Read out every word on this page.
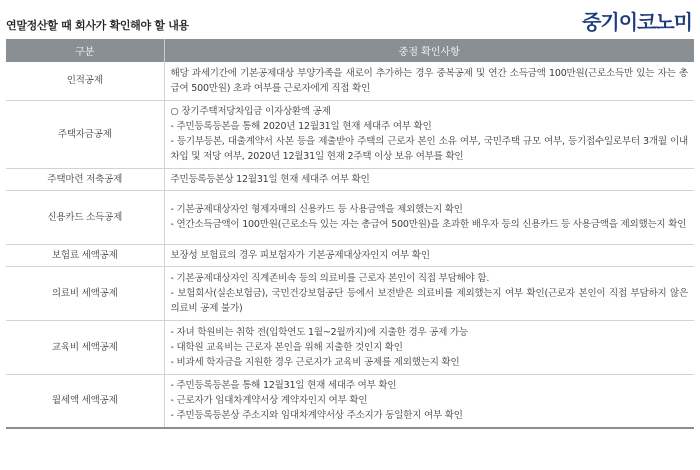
연말정산할 때 회사가 확인해야 할 내용	중기이코노미
구분	중점 확인사항
인적공제	해당 과세기간에 기본공제대상 부양가족을 새로이 추가하는 경우 중복공제 및 연간 소득금액 100만원(근로소득만 있는 자는 총급여 500만원) 초과 여부를 근로자에게 직접 확인

주택자금공제	○ 장기주택저당차입금 이자상환액 공제
- 주민등록등본을 통해 2020년 12월31일 현재 세대주 여부 확인
- 등기부등본, 대출계약서 사본 등을 제출받아 주택의 근로자 본인 소유 여부, 국민주택 규모 여부, 등기접수일로부터 3개월 이내 차입 및 저당 여부, 2020년 12월31일 현재 2주택 이상 보유 여부를 확인

주택마련 저축공제	주민등록등본상 12월31일 현재 세대주 여부 확인

신용카드 소득공제	- 기본공제대상자인 형제자매의 신용카드 등 사용금액을 제외했는지 확인
- 연간소득금액이 100만원(근로소득 있는 자는 총급여 500만원)을 초과한 배우자 등의 신용카드 등 사용금액을 제외했는지 확인

보험료 세액공제	보장성 보험료의 경우 피보험자가 기본공제대상자인지 여부 확인

의료비 세액공제	- 기본공제대상자인 직계존비속 등의 의료비를 근로자 본인이 직접 부담해야 함.
- 보험회사(실손보험금), 국민건강보험공단 등에서 보전받은 의료비를 제외했는지 여부 확인(근로자 본인이 직접 부담하지 않은 의료비 공제 불가)

교육비 세액공제	- 자녀 학원비는 취학 전(입학연도 1월~2월까지)에 지출한 경우 공제 가능
- 대학원 교육비는 근로자 본인을 위해 지출한 것인지 확인
- 비과세 학자금을 지원한 경우 근로자가 교육비 공제를 제외했는지 확인

월세액 세액공제	- 주민등록등본을 통해 12월31일 현재 세대주 여부 확인
- 근로자가 임대차계약서상 계약자인지 여부 확인
- 주민등록등본상 주소지와 임대차계약서상 주소지가 동일한지 여부 확인
